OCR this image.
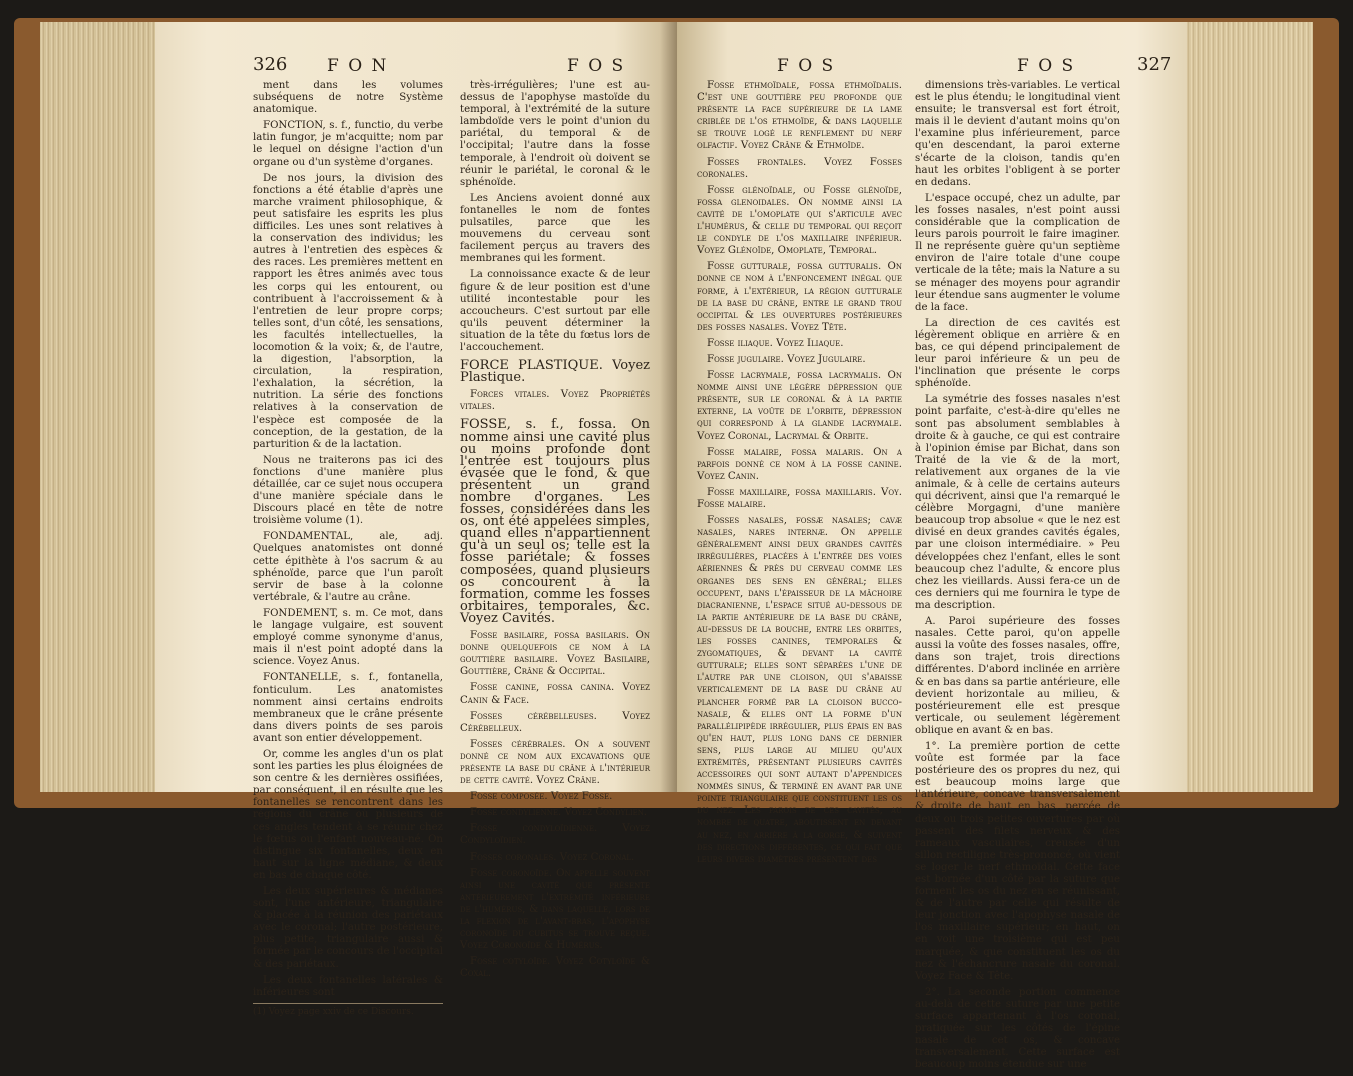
326 F O N	F O S

ment dans les volumes subséquens de notre Système anatomique.

FONCTION, s. f., functio, du verbe latin fungor, je m'acquitte; nom par le lequel on désigne l'action d'un organe ou d'un système d'organes.

De nos jours, la division des fonctions a été établie d'après une marche vraiment philosophique, & peut satisfaire les esprits les plus difficiles. Les unes sont relatives à la conservation des individus; les autres à l'entretien des espèces & des races. Les premières mettent en rapport les êtres animés avec tous les corps qui les entourent, ou contribuent à l'accroissement & à l'entretien de leur propre corps; telles sont, d'un côté, les sensations, les facultés intellectuelles, la locomotion & la voix; &, de l'autre, la digestion, l'absorption, la circulation, la respiration, l'exhalation, la sécrétion, la nutrition. La série des fonctions relatives à la conservation de l'espèce est composée de la conception, de la gestation, de la parturition & de la lactation.

Nous ne traiterons pas ici des fonctions d'une manière plus détaillée, car ce sujet nous occupera d'une manière spéciale dans le Discours placé en tête de notre troisième volume (1).

FONDAMENTAL, ale, adj. Quelques anatomistes ont donné cette épithète à l'os sacrum & au sphénoïde, parce que l'un paroît servir de base à la colonne vertébrale, & l'autre au crâne.

FONDEMENT, s. m. Ce mot, dans le langage vulgaire, est souvent employé comme synonyme d'anus, mais il n'est point adopté dans la science. Voyez Anus.

FONTANELLE, s. f., fontanella, fonticulum. Les anatomistes nomment ainsi certains endroits membraneux que le crâne présente dans divers points de ses parois avant son entier développement.

Or, comme les angles d'un os plat sont les parties les plus éloignées de son centre & les dernières ossifiées, par conséquent, il en résulte que les fontanelles se rencontrent dans les régions du crâne où plusieurs de ces angles tendent à se réunir chez le fœtus ou l'enfant nouveau-né. On distingue six fontanelles, deux en haut sur la ligne médiane, & deux en bas de chaque côté.

Les deux supérieures & médianes sont, l'une antérieure, triangulaire & placée à la réunion des pariétaux avec le coronal; l'autre postérieure, plus petite, triangulaire aussi & formée par le concours de l'occipital & des pariétaux.

Les deux fontanelles latérales & inférieures sont

(1) Voyez page xxiv de ce Discours.

très-irrégulières; l'une est au-dessus de l'apophyse mastoïde du temporal, à l'extrémité de la suture lambdoïde vers le point d'union du pariétal, du temporal & de l'occipital; l'autre dans la fosse temporale, à l'endroit où doivent se réunir le pariétal, le coronal & le sphénoïde.

Les Anciens avoient donné aux fontanelles le nom de fontes pulsatiles, parce que les mouvemens du cerveau sont facilement perçus au travers des membranes qui les forment.

La connoissance exacte & de leur figure & de leur position est d'une utilité incontestable pour les accoucheurs. C'est surtout par elle qu'ils peuvent déterminer la situation de la tête du fœtus lors de l'accouchement.

FORCE PLASTIQUE. Voyez Plastique.

Forces vitales. Voyez Propriétés vitales.

FOSSE, s. f., fossa. On nomme ainsi une cavité plus ou moins profonde dont l'entrée est toujours plus évasée que le fond, & que présentent un grand nombre d'organes. Les fosses, considérées dans les os, ont été appelées simples, quand elles n'appartiennent qu'à un seul os; telle est la fosse pariétale; & fosses composées, quand plusieurs os concourent à la formation, comme les fosses orbitaires, temporales, &c. Voyez Cavités.

Fosse basilaire, fossa basilaris. On donne quelquefois ce nom à la gouttière basilaire. Voyez Basilaire, Gouttière, Crâne & Occipital.

Fosse canine, fossa canina. Voyez Canin & Face.

Fosses cérébelleuses. Voyez Cérébelleux.

Fosses cérébrales. On a souvent donné ce nom aux excavations que présente la base du crâne à l'intérieur de cette cavité. Voyez Crâne.

Fosse composée. Voyez Fosse.

Fosse condylienne. Voyez Condylien.

Fosse condyloïdienne. Voyez Condyloïdien.

Fosses coronales. Voyez Coronal.

Fosse coronoïde. On appelle souvent ainsi une cavité que présente antérieurement l'extrémité inférieure de l'humérus, & dans laquelle, lors de la flexion de l'avant-bras, l'apophyse coronoïde du cubitus se trouve reçue. Voyez Coronoïde & Humérus.

Fosse cotyloïde. Voyez Cotyloïde & Coxal.

F O S	F O S	327

Fosse ethmoïdale, fossa ethmoïdalis. C'est une gouttière peu profonde que présente la face supérieure de la lame criblée de l'os ethmoïde, & dans laquelle se trouve logé le renflement du nerf olfactif. Voyez Crâne & Ethmoïde.

Fosses frontales. Voyez Fosses coronales.

Fosse glénoïdale, ou Fosse glénoïde, fossa glenoidales. On nomme ainsi la cavité de l'omoplate qui s'articule avec l'humérus, & celle du temporal qui reçoit le condyle de l'os maxillaire inférieur. Voyez Glénoïde, Omoplate, Temporal.

Fosse gutturale, fossa gutturalis. On donne ce nom à l'enfoncement inégal que forme, à l'extérieur, la région gutturale de la base du crâne, entre le grand trou occipital & les ouvertures postérieures des fosses nasales. Voyez Tête.

Fosse iliaque. Voyez Iliaque.

Fosse jugulaire. Voyez Jugulaire.

Fosse lacrymale, fossa lacrymalis. On nomme ainsi une légère dépression que présente, sur le coronal & à la partie externe, la voûte de l'orbite, dépression qui correspond à la glande lacrymale. Voyez Coronal, Lacrymal & Orbite.

Fosse malaire, fossa malaris. On a parfois donné ce nom à la fosse canine. Voyez Canin.

Fosse maxillaire, fossa maxillaris. Voy. Fosse malaire.

Fosses nasales, fossæ nasales; cavæ nasales, nares internæ. On appelle généralement ainsi deux grandes cavités irrégulières, placées à l'entrée des voies aériennes & près du cerveau comme les organes des sens en général; elles occupent, dans l'épaisseur de la mâchoire diacranienne, l'espace situé au-dessous de la partie antérieure de la base du crâne, au-dessus de la bouche, entre les orbites, les fosses canines, temporales & zygomatiques, & devant la cavité gutturale; elles sont séparées l'une de l'autre par une cloison, qui s'abaisse verticalement de la base du crâne au plancher formé par la cloison bucco-nasale, & elles ont la forme d'un parallélipipède irrégulier, plus épais en bas qu'en haut, plus long dans ce dernier sens, plus large au milieu qu'aux extrémités, présentant plusieurs cavités accessoires qui sont autant d'appendices nommés sinus, & terminé en avant par une pointe triangulaire que constituent les os du nez. Les parois de ces cavités, au nombre de quatre, aboutissent en devant au nez, en arrière à la gorge, & suivent des directions différentes, ce qui fait que leurs divers diamètres présentent des

dimensions très-variables. Le vertical est le plus étendu; le longitudinal vient ensuite; le transversal est fort étroit, mais il le devient d'autant moins qu'on l'examine plus inférieurement, parce qu'en descendant, la paroi externe s'écarte de la cloison, tandis qu'en haut les orbites l'obligent à se porter en dedans.

L'espace occupé, chez un adulte, par les fosses nasales, n'est point aussi considérable que la complication de leurs parois pourroit le faire imaginer. Il ne représente guère qu'un septième environ de l'aire totale d'une coupe verticale de la tête; mais la Nature a su se ménager des moyens pour agrandir leur étendue sans augmenter le volume de la face.

La direction de ces cavités est légèrement oblique en arrière & en bas, ce qui dépend principalement de leur paroi inférieure & un peu de l'inclination que présente le corps sphénoïde.

La symétrie des fosses nasales n'est point parfaite, c'est-à-dire qu'elles ne sont pas absolument semblables à droite & à gauche, ce qui est contraire à l'opinion émise par Bichat, dans son Traité de la vie & de la mort, relativement aux organes de la vie animale, & à celle de certains auteurs qui décrivent, ainsi que l'a remarqué le célèbre Morgagni, d'une manière beaucoup trop absolue « que le nez est divisé en deux grandes cavités égales, par une cloison intermédiaire. » Peu développées chez l'enfant, elles le sont beaucoup chez l'adulte, & encore plus chez les vieillards. Aussi fera-ce un de ces derniers qui me fournira le type de ma description.

A. Paroi supérieure des fosses nasales. Cette paroi, qu'on appelle aussi la voûte des fosses nasales, offre, dans son trajet, trois directions différentes. D'abord inclinée en arrière & en bas dans sa partie antérieure, elle devient horizontale au milieu, & postérieurement elle est presque verticale, ou seulement légèrement oblique en avant & en bas.

1°. La première portion de cette voûte est formée par la face postérieure des os propres du nez, qui est beaucoup moins large que l'antérieure, concave transversalement & droite de haut en bas, percée de deux ou trois petites ouvertures par où passent des filets nerveux & des rameaux vasculaires, creusée d'un sillon rectiligne très-prononcé, où vient se loger le nerf ethmoïdal. Cette face est bornée d'un côté par la suture que forment les os du nez en se réunissant, & de l'autre par celle qui résulte de leur jonction avec l'apophyse nasale de l'os maxillaire supérieur; en haut, on en voit une troisième qui est peu marquée, & que constituent les os du nez & l'échancrure nasale du coronal. Voyez Face & Tête.

2°. La seconde portion commence au-delà de cette suture par une petite surface appartenant à l'os coronal, pratiquée sur les côtés de l'épine nasale de cet os, & concave transversalement. Cette surface est beaucoup moins étendue sur une
